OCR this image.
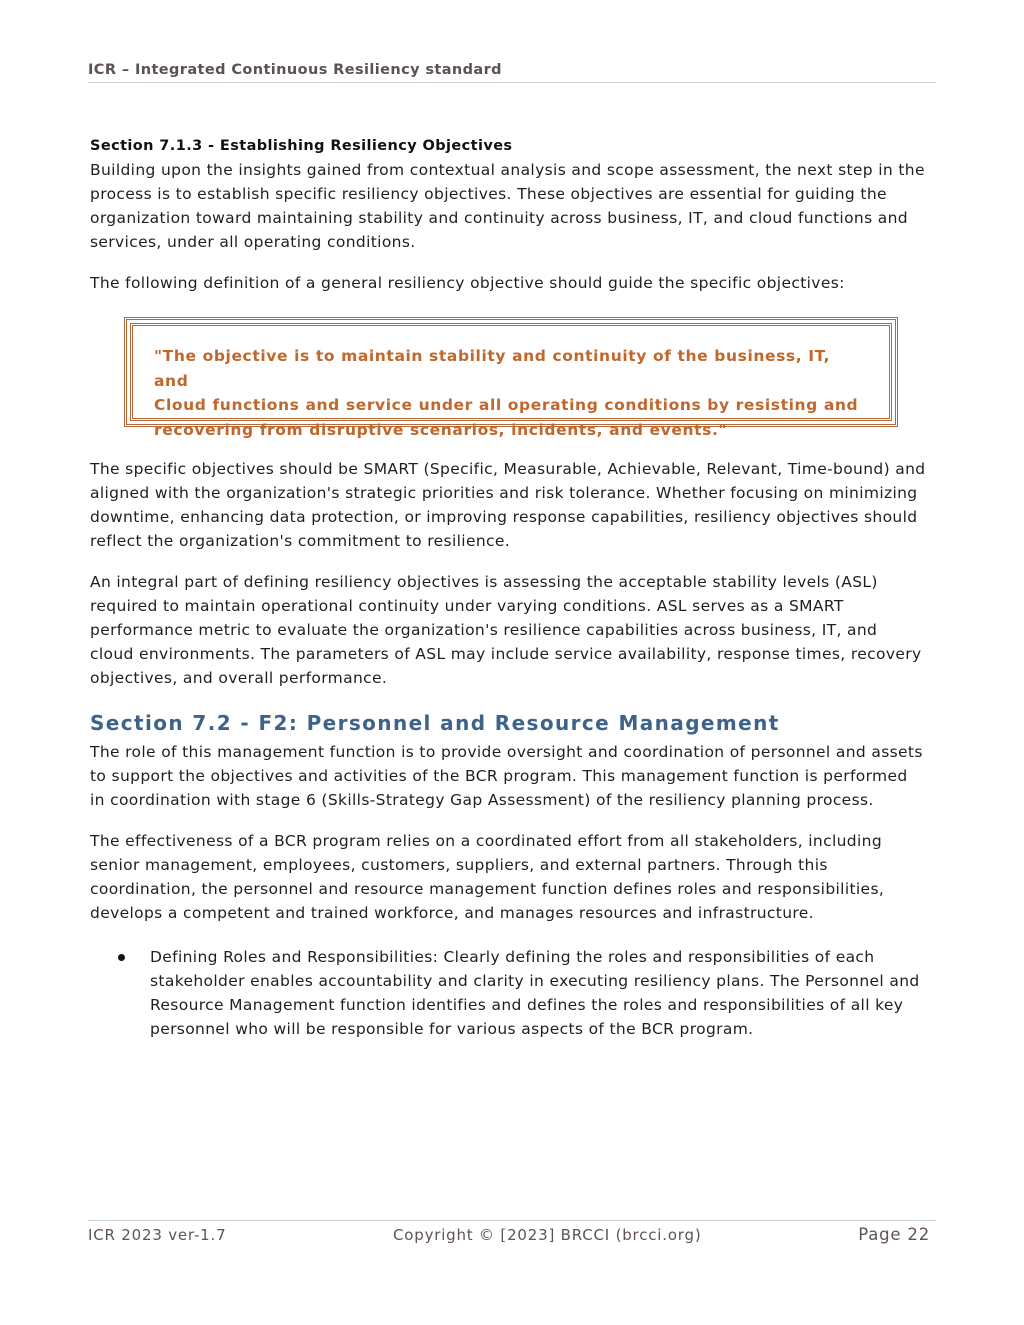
ICR – Integrated Continuous Resiliency standard
Section 7.1.3 - Establishing Resiliency Objectives

Building upon the insights gained from contextual analysis and scope assessment, the next step in the process is to establish specific resiliency objectives. These objectives are essential for guiding the organization toward maintaining stability and continuity across business, IT, and cloud functions and services, under all operating conditions.

The following definition of a general resiliency objective should guide the specific objectives:

"The objective is to maintain stability and continuity of the business, IT, and
Cloud functions and service under all operating conditions by resisting and
recovering from disruptive scenarios, incidents, and events."

The specific objectives should be SMART (Specific, Measurable, Achievable, Relevant, Time-bound) and aligned with the organization's strategic priorities and risk tolerance. Whether focusing on minimizing downtime, enhancing data protection, or improving response capabilities, resiliency objectives should reflect the organization's commitment to resilience.

An integral part of defining resiliency objectives is assessing the acceptable stability levels (ASL) required to maintain operational continuity under varying conditions. ASL serves as a SMART performance metric to evaluate the organization's resilience capabilities across business, IT, and cloud environments. The parameters of ASL may include service availability, response times, recovery objectives, and overall performance.

Section 7.2 - F2: Personnel and Resource Management

The role of this management function is to provide oversight and coordination of personnel and assets to support the objectives and activities of the BCR program. This management function is performed in coordination with stage 6 (Skills-Strategy Gap Assessment) of the resiliency planning process.

The effectiveness of a BCR program relies on a coordinated effort from all stakeholders, including senior management, employees, customers, suppliers, and external partners. Through this coordination, the personnel and resource management function defines roles and responsibilities, develops a competent and trained workforce, and manages resources and infrastructure.

Defining Roles and Responsibilities: Clearly defining the roles and responsibilities of each stakeholder enables accountability and clarity in executing resiliency plans. The Personnel and Resource Management function identifies and defines the roles and responsibilities of all key personnel who will be responsible for various aspects of the BCR program.
ICR 2023 ver-1.7	Copyright © [2023] BRCCI (brcci.org)	Page 22
